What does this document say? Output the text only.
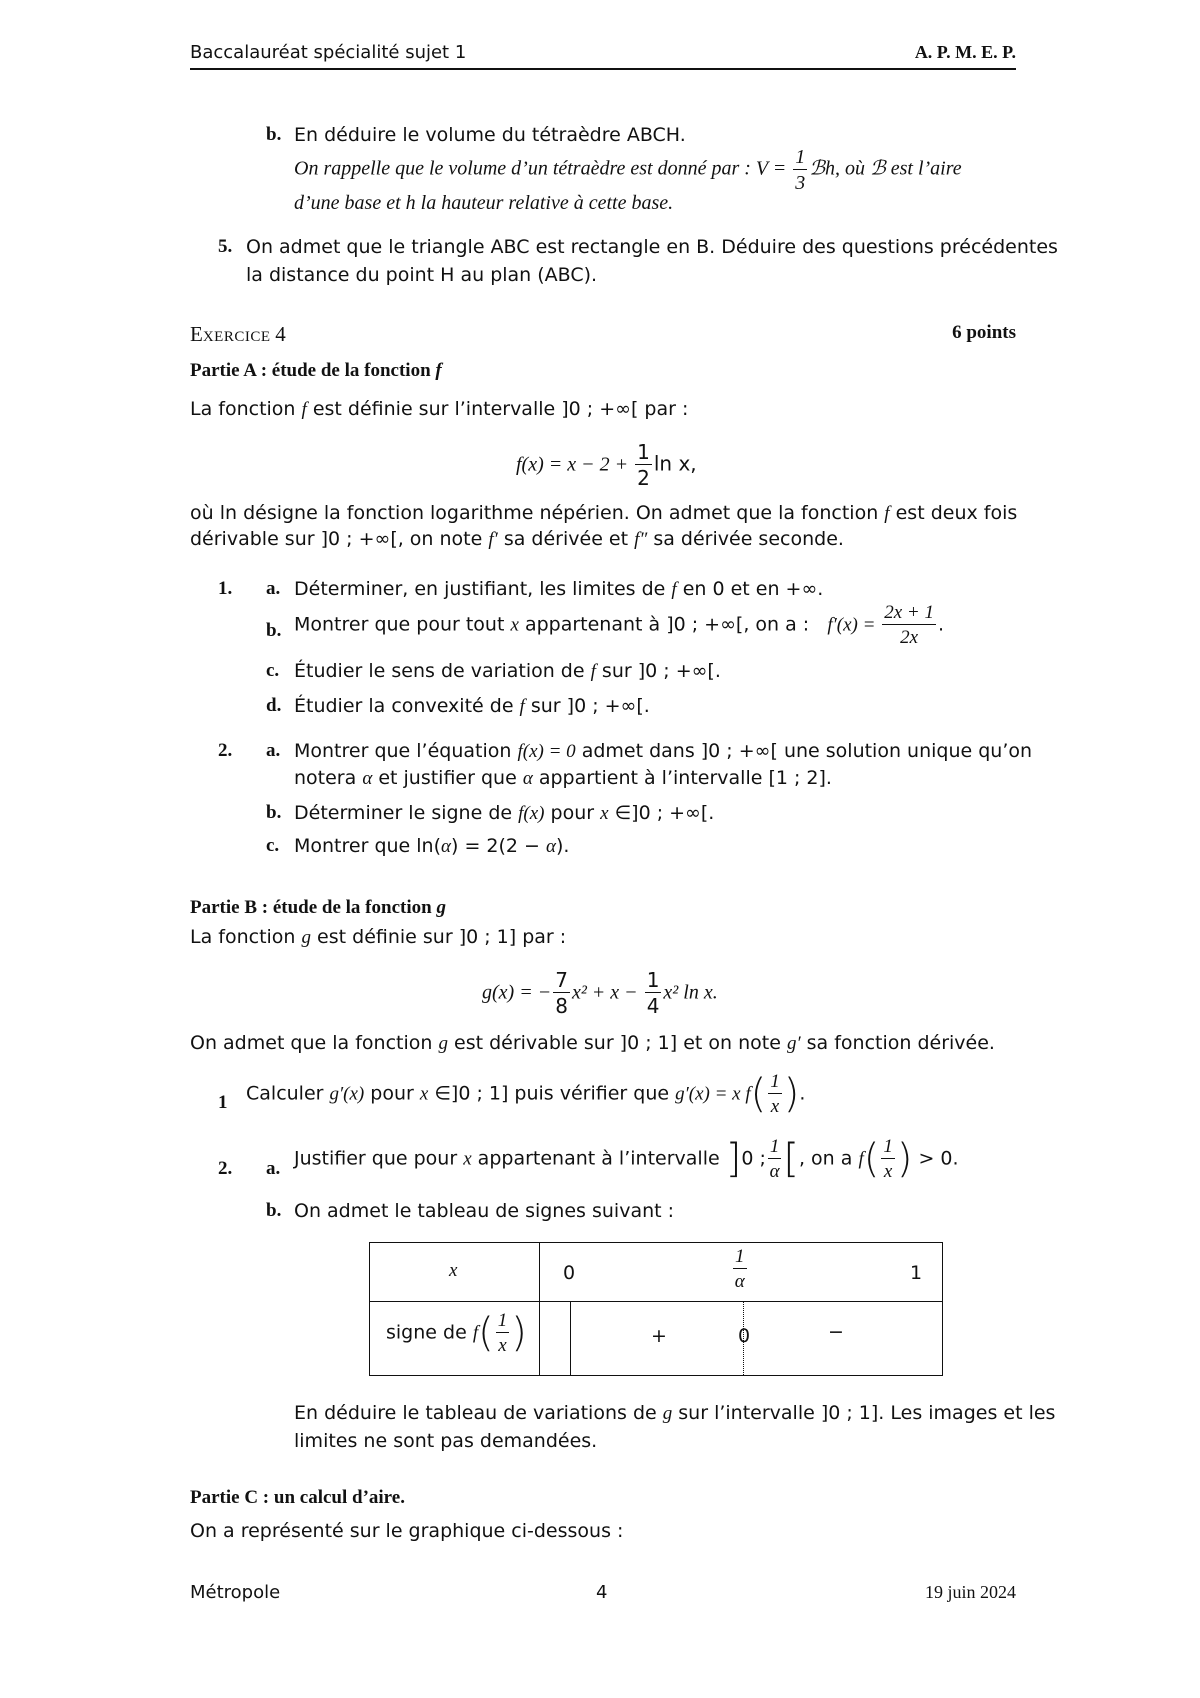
Baccalauréat spécialité sujet 1	A. P. M. E. P.
b. En déduire le volume du tétraèdre ABCH.
On rappelle que le volume d’un tétraèdre est donné par : $V = \frac{1}{3}$ ℬh, où ℬ est l’aire
d’une base et h la hauteur relative à cette base.
5. On admet que le triangle ABC est rectangle en B. Déduire des questions précédentes
la distance du point H au plan (ABC).
EXERCICE 4	6 points
Partie A : étude de la fonction f
La fonction f est définie sur l’intervalle ]0 ; +∞[ par :
$f(x) = x - 2 + \frac{1}{2}$ ln x,
où ln désigne la fonction logarithme népérien. On admet que la fonction f est deux fois
dérivable sur ]0 ; +∞[, on note f′ sa dérivée et f″ sa dérivée seconde.
1. a. Déterminer, en justifiant, les limites de f en 0 et en +∞.
b. Montrer que pour tout x appartenant à ]0 ; +∞[, on a : $f'(x) = \frac{2x + 1}{2x}$ .
c. Étudier le sens de variation de f sur ]0 ; +∞[.
d. Étudier la convexité de f sur ]0 ; +∞[.
2. a. Montrer que l’équation f(x) = 0 admet dans ]0 ; +∞[ une solution unique qu’on
notera α et justifier que α appartient à l’intervalle [1 ; 2].
b. Déterminer le signe de f(x) pour x ∈]0 ; +∞[.
c. Montrer que ln(α) = 2(2 − α).
Partie B : étude de la fonction g
La fonction g est définie sur ]0 ; 1] par :
g(x) = − $\frac{7}{8} x^2 + x - \frac{1}{4} x^2$ ln x.
On admet que la fonction g est dérivable sur ]0 ; 1] et on note g′ sa fonction dérivée.
1 Calculer g′(x) pour x ∈]0 ; 1] puis vérifier que g′(x) = x $f( \frac{1}{x}$ ).
2. a. Justifier que pour x appartenant à l’intervalle ]0 ; $\frac{1}{\alpha}$ [, on a $f( \frac{1}{x}$ ) > 0.
b. On admet le tableau de signes suivant :
x	0	$\frac{1}{\alpha}$	1
signe de $f( \frac{1}{x}$ )	+	0	−
En déduire le tableau de variations de g sur l’intervalle ]0 ; 1]. Les images et les
limites ne sont pas demandées.
Partie C : un calcul d’aire.
On a représenté sur le graphique ci-dessous :
Métropole	4	19 juin 2024
